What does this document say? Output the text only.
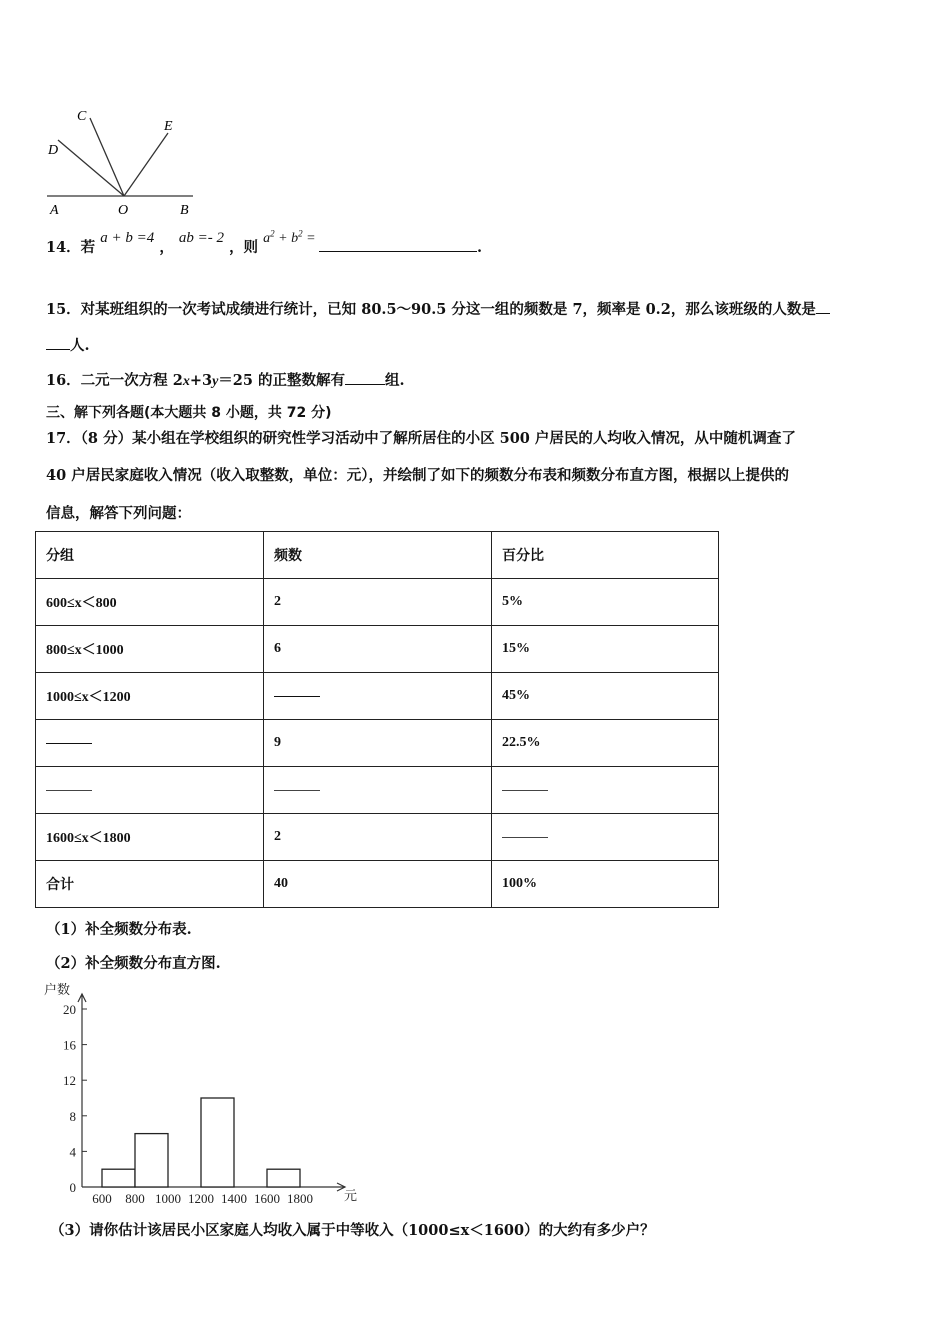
C
D
E
A	O	B
14．若 a + b =4 ， ab =- 2 ，则 $a^2 + b^2$ = .
15．对某班组织的一次考试成绩进行统计，已知 80.5～90.5 分这一组的频数是 7，频率是 0.2，那么该班级的人数是
人.
16．二元一次方程 2x+3y＝25 的正整数解有	组.
三、解下列各题(本大题共 8 小题，共 72 分)
17．（8 分）某小组在学校组织的研究性学习活动中了解所居住的小区 500 户居民的人均收入情况，从中随机调查了
40 户居民家庭收入情况（收入取整数，单位：元），并绘制了如下的频数分布表和频数分布直方图，根据以上提供的
信息，解答下列问题：
分组	频数	百分比
600≤x＜800	2	5%
800≤x＜1000	6	15%
1000≤x＜1200		45%
	9	22.5%

1600≤x＜1800	2	
合计	40	100%
（1）补全频数分布表.
（2）补全频数分布直方图.
0
4
8
12
16
20
600 800 1000 1200 1400 1600 1800
户数
元
（3）请你估计该居民小区家庭人均收入属于中等收入（1000≤x＜1600）的大约有多少户？
